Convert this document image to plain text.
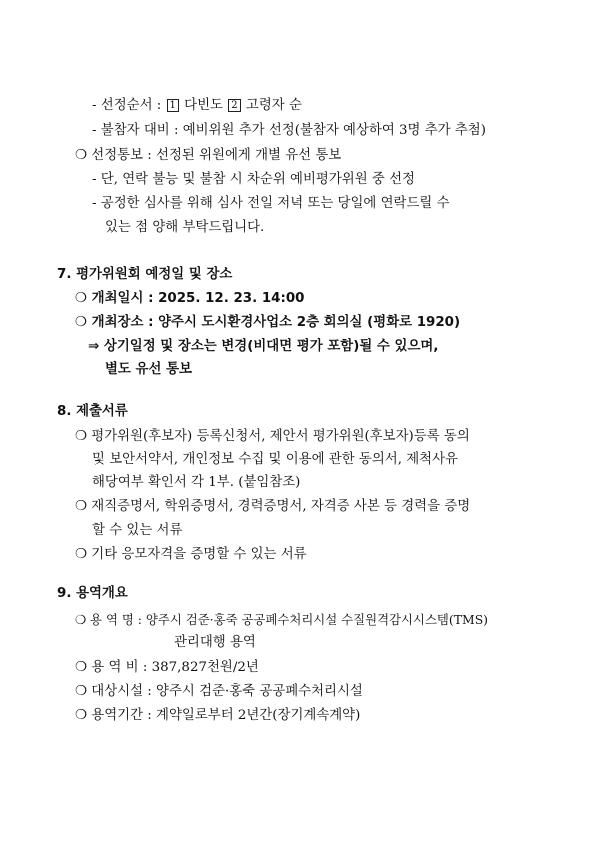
- 선정순서 : 1 다빈도 2 고령자 순
- 불참자 대비 : 예비위원 추가 선정(불참자 예상하여 3명 추가 추첨)
❍ 선정통보 : 선정된 위원에게 개별 유선 통보
- 단, 연락 불능 및 불참 시 차순위 예비평가위원 중 선정
- 공정한 심사를 위해 심사 전일 저녁 또는 당일에 연락드릴 수
있는 점 양해 부탁드립니다.
7. 평가위원회 예정일 및 장소
❍ 개최일시 : 2025. 12. 23. 14:00
❍ 개최장소 : 양주시 도시환경사업소 2층 회의실 (평화로 1920)
⇒ 상기일정 및 장소는 변경(비대면 평가 포함)될 수 있으며,
별도 유선 통보
8. 제출서류
❍ 평가위원(후보자) 등록신청서, 제안서 평가위원(후보자)등록 동의
및 보안서약서, 개인정보 수집 및 이용에 관한 동의서, 제척사유
해당여부 확인서 각 1부. (붙임참조)
❍ 재직증명서, 학위증명서, 경력증명서, 자격증 사본 등 경력을 증명
할 수 있는 서류
❍ 기타 응모자격을 증명할 수 있는 서류
9. 용역개요
❍ 용 역 명 : 양주시 검준·홍죽 공공폐수처리시설 수질원격감시시스템(TMS)
관리대행 용역
❍ 용 역 비 : 387,827천원/2년
❍ 대상시설 : 양주시 검준·홍죽 공공폐수처리시설
❍ 용역기간 : 계약일로부터 2년간(장기계속계약)
